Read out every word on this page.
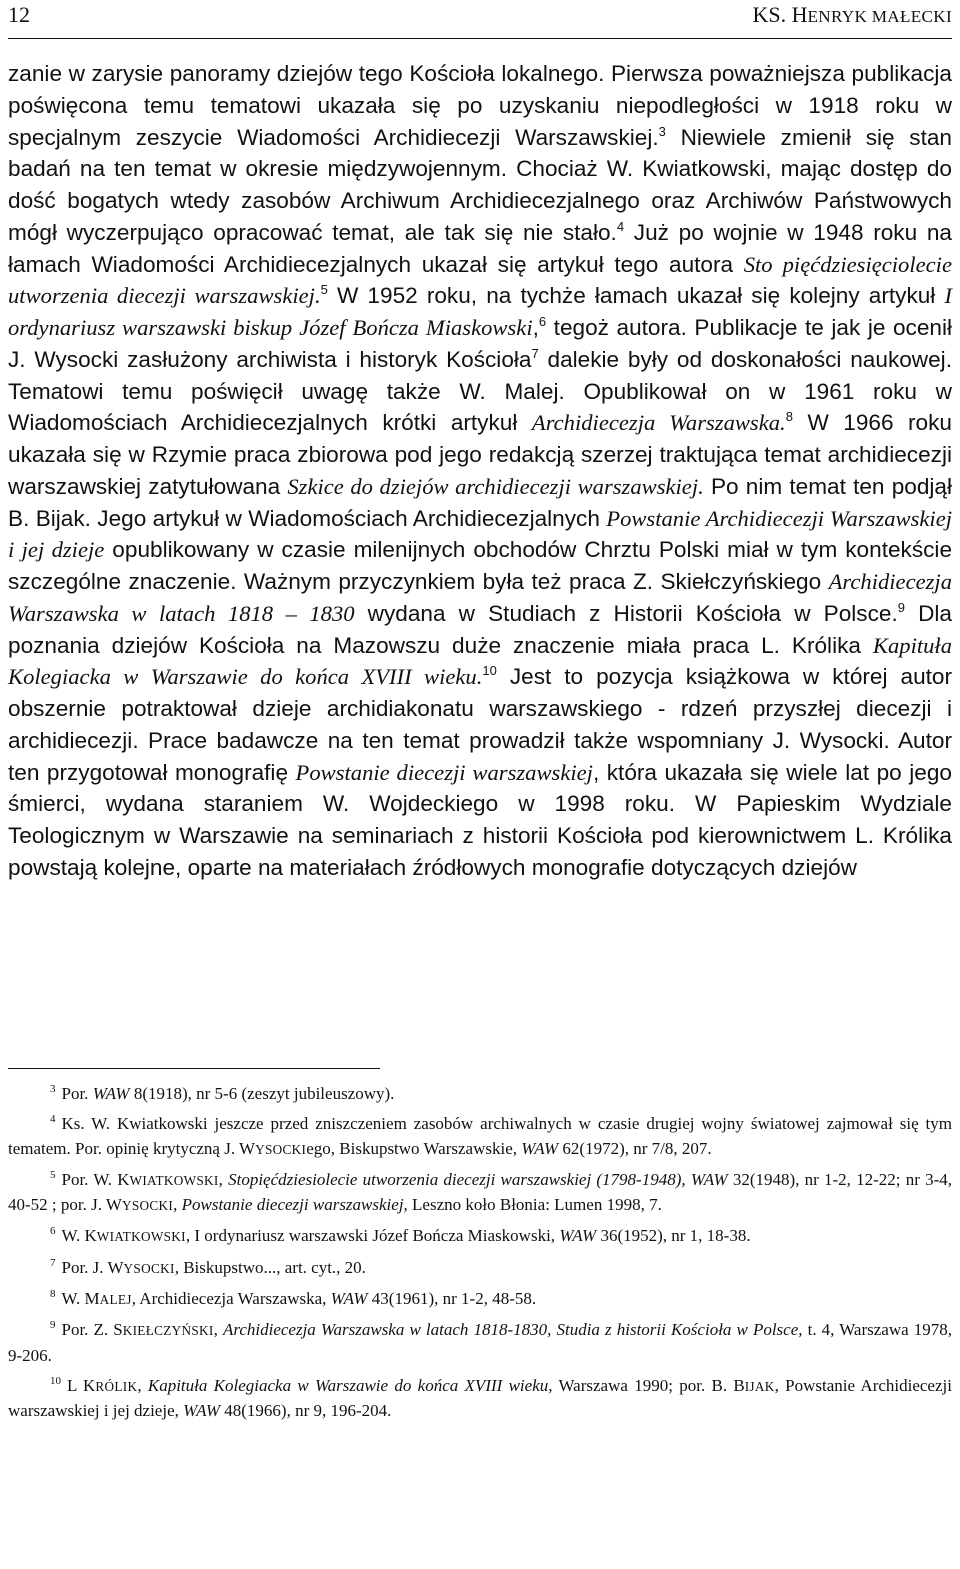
12	KS. HENRYK MAŁECKI

zanie w zarysie panoramy dziejów tego Kościoła lokalnego. Pierwsza poważniejsza publikacja poświęcona temu tematowi ukazała się po uzyskaniu niepodległości w 1918 roku w specjalnym zeszycie Wiadomości Archidiecezji Warszawskiej.$^3$ Niewiele zmienił się stan badań na ten temat w okresie międzywojennym. Chociaż W. Kwiatkowski, mając dostęp do dość bogatych wtedy zasobów Archiwum Archidiecezjalnego oraz Archiwów Państwowych mógł wyczerpująco opracować temat, ale tak się nie stało.$^4$ Już po wojnie w 1948 roku na łamach Wiadomości Archidiecezjalnych ukazał się artykuł tego autora Sto pięćdziesięciolecie utworzenia diecezji warszawskiej.$^5$ W 1952 roku, na tychże łamach ukazał się kolejny artykuł I ordynariusz warszawski biskup Józef Bończa Miaskowski,$^6$ tegoż autora. Publikacje te jak je ocenił J. Wysocki zasłużony archiwista i historyk Kościoła$^7$ dalekie były od doskonałości naukowej. Tematowi temu poświęcił uwagę także W. Malej. Opublikował on w 1961 roku w Wiadomościach Archidiecezjalnych krótki artykuł Archidiecezja Warszawska.$^8$ W 1966 roku ukazała się w Rzymie praca zbiorowa pod jego redakcją szerzej traktująca temat archidiecezji warszawskiej zatytułowana Szkice do dziejów archidiecezji warszawskiej. Po nim temat ten podjął B. Bijak. Jego artykuł w Wiadomościach Archidiecezjalnych Powstanie Archidiecezji Warszawskiej i jej dzieje opublikowany w czasie milenijnych obchodów Chrztu Polski miał w tym kontekście szczególne znaczenie. Ważnym przyczynkiem była też praca Z. Skiełczyńskiego Archidiecezja Warszawska w latach 1818 – 1830 wydana w Studiach z Historii Kościoła w Polsce.$^9$ Dla poznania dziejów Kościoła na Mazowszu duże znaczenie miała praca L. Królika Kapituła Kolegiacka w Warszawie do końca XVIII wieku.$^{10}$ Jest to pozycja książkowa w której autor obszernie potraktował dzieje archidiakonatu warszawskiego - rdzeń przyszłej diecezji i archidiecezji. Prace badawcze na ten temat prowadził także wspomniany J. Wysocki. Autor ten przygotował monografię Powstanie diecezji warszawskiej, która ukazała się wiele lat po jego śmierci, wydana staraniem W. Wojdeckiego w 1998 roku. W Papieskim Wydziale Teologicznym w Warszawie na seminariach z historii Kościoła pod kierownictwem L. Królika powstają kolejne, oparte na materiałach źródłowych monografie dotyczących dziejów

$^3$ Por. WAW 8(1918), nr 5-6 (zeszyt jubileuszowy).

$^4$ Ks. W. Kwiatkowski jeszcze przed zniszczeniem zasobów archiwalnych w czasie drugiej wojny światowej zajmował się tym tematem. Por. opinię krytyczną J. WYSOCKIego, Biskupstwo Warszawskie, WAW 62(1972), nr 7/8, 207.

$^5$ Por. W. KWIATKOWSKI, Stopięćdziesiolecie utworzenia diecezji warszawskiej (1798-1948), WAW 32(1948), nr 1-2, 12-22; nr 3-4, 40-52 ; por. J. WYSOCKI, Powstanie diecezji warszawskiej, Leszno koło Błonia: Lumen 1998, 7.

$^6$ W. KWIATKOWSKI, I ordynariusz warszawski Józef Bończa Miaskowski, WAW 36(1952), nr 1, 18-38.

$^7$ Por. J. WYSOCKI, Biskupstwo..., art. cyt., 20.

$^8$ W. MALEJ, Archidiecezja Warszawska, WAW 43(1961), nr 1-2, 48-58.

$^9$ Por. Z. SKIEŁCZYŃSKI, Archidiecezja Warszawska w latach 1818-1830, Studia z historii Kościoła w Polsce, t. 4, Warszawa 1978, 9-206.

$^{10}$ L KRÓLIK, Kapituła Kolegiacka w Warszawie do końca XVIII wieku, Warszawa 1990; por. B. BIJAK, Powstanie Archidiecezji warszawskiej i jej dzieje, WAW 48(1966), nr 9, 196-204.
